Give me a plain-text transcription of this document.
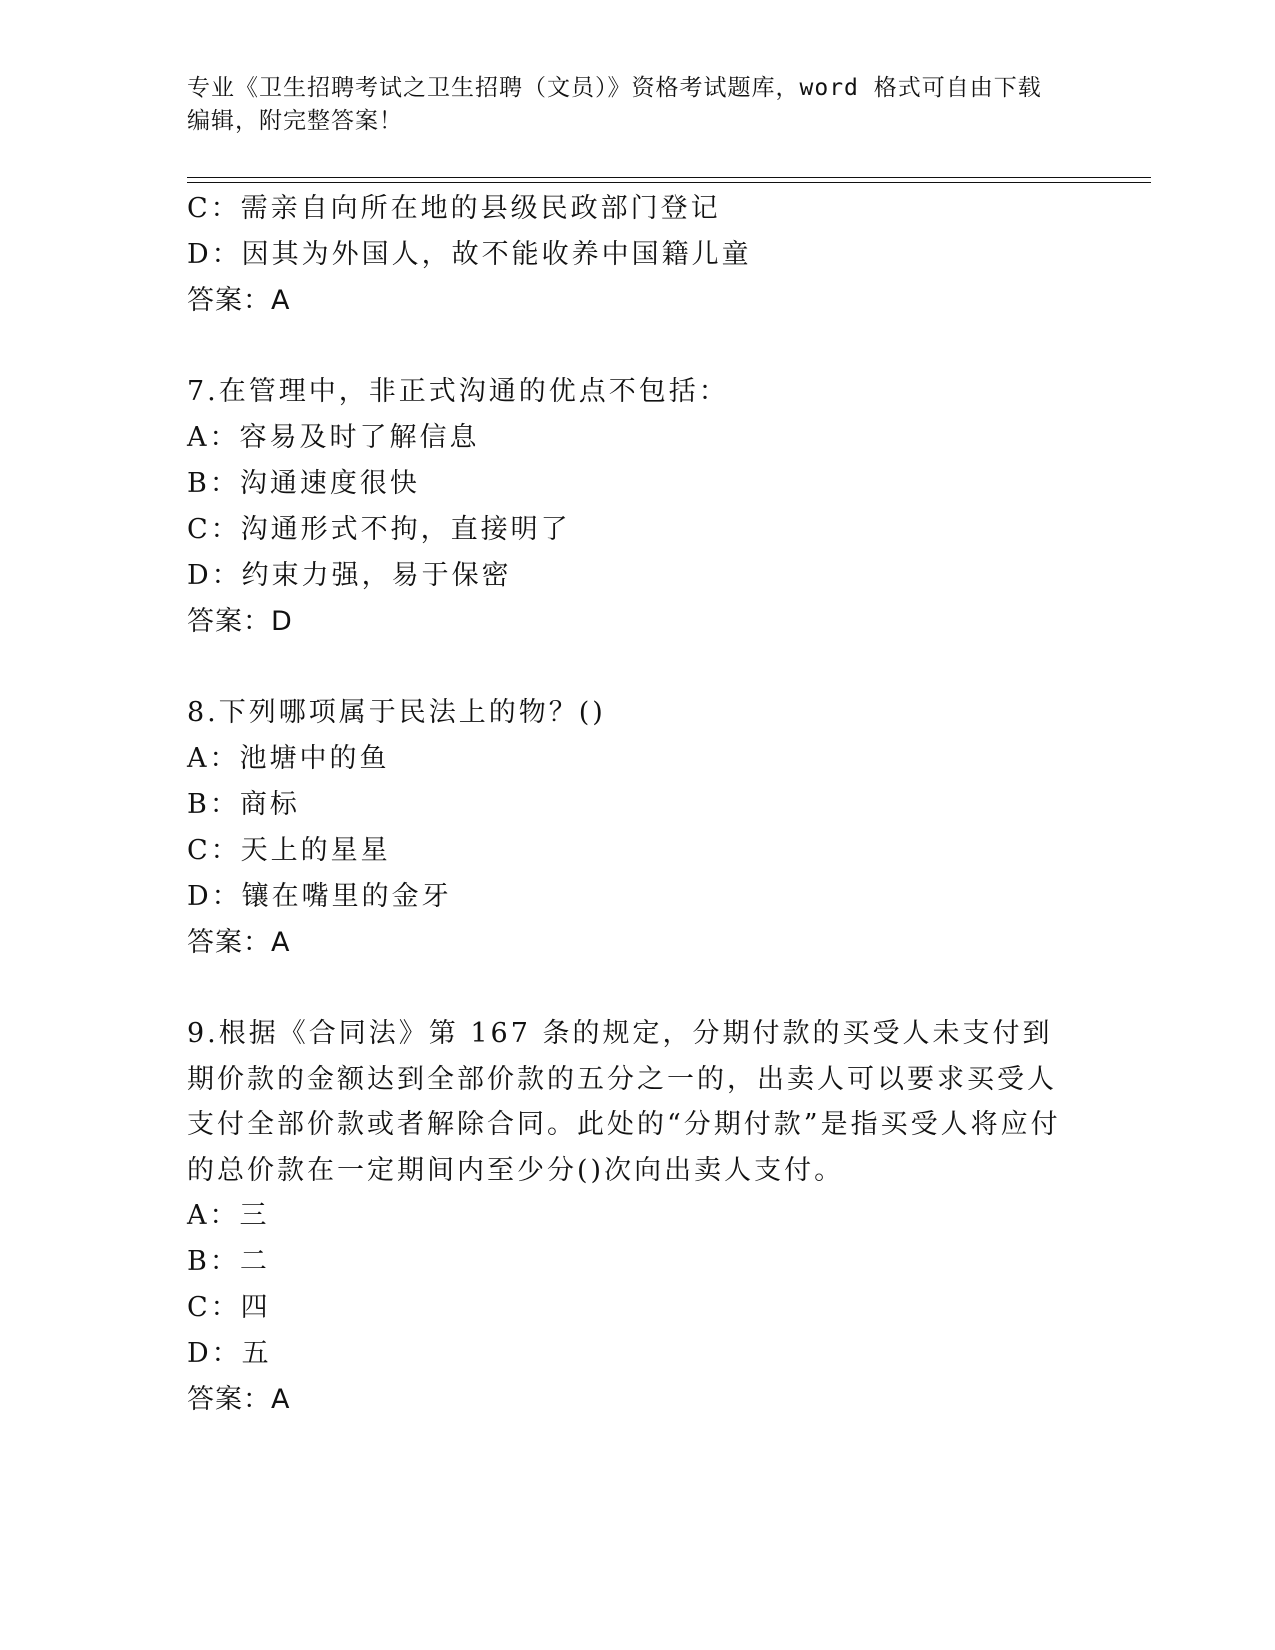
专业《卫生招聘考试之卫生招聘（文员）》资格考试题库，word 格式可自由下载
编辑，附完整答案！
C：需亲自向所在地的县级民政部门登记
D：因其为外国人，故不能收养中国籍儿童
答案：A
7.在管理中，非正式沟通的优点不包括：
A：容易及时了解信息
B：沟通速度很快
C：沟通形式不拘，直接明了
D：约束力强，易于保密
答案：D
8.下列哪项属于民法上的物？()
A：池塘中的鱼
B：商标
C：天上的星星
D：镶在嘴里的金牙
答案：A
9.根据《合同法》第 167 条的规定，分期付款的买受人未支付到期价款的金额达到全部价款的五分之一的，出卖人可以要求买受人支付全部价款或者解除合同。此处的“分期付款”是指买受人将应付的总价款在一定期间内至少分()次向出卖人支付。
A：三
B：二
C：四
D：五
答案：A
